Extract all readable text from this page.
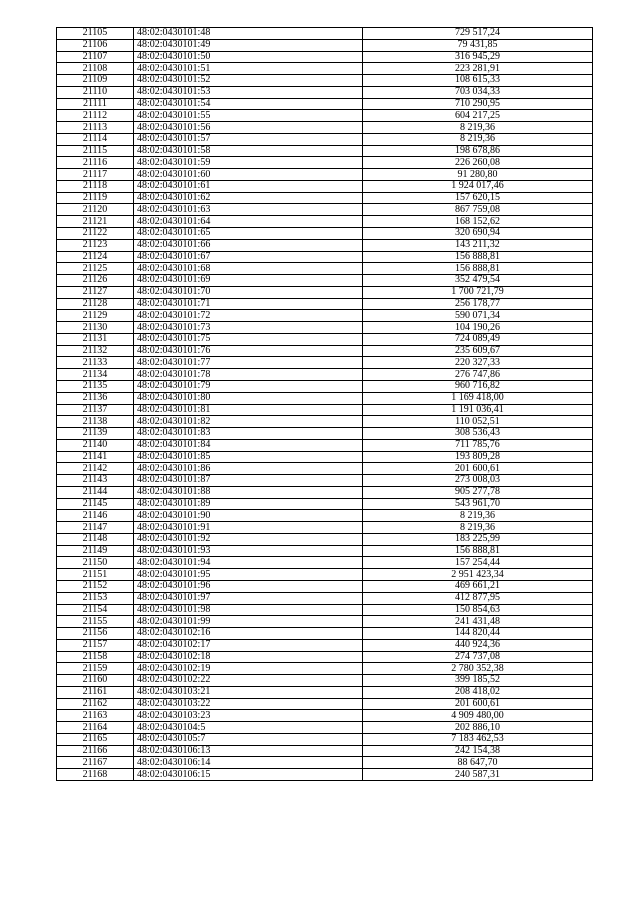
21105	48:02:0430101:48	729 517,24
21106	48:02:0430101:49	79 431,85
21107	48:02:0430101:50	316 945,29
21108	48:02:0430101:51	223 281,91
21109	48:02:0430101:52	108 615,33
21110	48:02:0430101:53	703 034,33
21111	48:02:0430101:54	710 290,95
21112	48:02:0430101:55	604 217,25
21113	48:02:0430101:56	8 219,36
21114	48:02:0430101:57	8 219,36
21115	48:02:0430101:58	198 678,86
21116	48:02:0430101:59	226 260,08
21117	48:02:0430101:60	91 280,80
21118	48:02:0430101:61	1 924 017,46
21119	48:02:0430101:62	157 620,15
21120	48:02:0430101:63	867 759,08
21121	48:02:0430101:64	168 152,62
21122	48:02:0430101:65	320 690,94
21123	48:02:0430101:66	143 211,32
21124	48:02:0430101:67	156 888,81
21125	48:02:0430101:68	156 888,81
21126	48:02:0430101:69	352 479,54
21127	48:02:0430101:70	1 700 721,79
21128	48:02:0430101:71	256 178,77
21129	48:02:0430101:72	590 071,34
21130	48:02:0430101:73	104 190,26
21131	48:02:0430101:75	724 089,49
21132	48:02:0430101:76	235 609,67
21133	48:02:0430101:77	220 327,33
21134	48:02:0430101:78	276 747,86
21135	48:02:0430101:79	960 716,82
21136	48:02:0430101:80	1 169 418,00
21137	48:02:0430101:81	1 191 036,41
21138	48:02:0430101:82	110 052,51
21139	48:02:0430101:83	308 536,43
21140	48:02:0430101:84	711 785,76
21141	48:02:0430101:85	193 809,28
21142	48:02:0430101:86	201 600,61
21143	48:02:0430101:87	273 008,03
21144	48:02:0430101:88	905 277,78
21145	48:02:0430101:89	543 961,70
21146	48:02:0430101:90	8 219,36
21147	48:02:0430101:91	8 219,36
21148	48:02:0430101:92	183 225,99
21149	48:02:0430101:93	156 888,81
21150	48:02:0430101:94	157 254,44
21151	48:02:0430101:95	2 951 423,34
21152	48:02:0430101:96	469 661,21
21153	48:02:0430101:97	412 877,95
21154	48:02:0430101:98	150 854,63
21155	48:02:0430101:99	241 431,48
21156	48:02:0430102:16	144 820,44
21157	48:02:0430102:17	440 924,36
21158	48:02:0430102:18	274 737,08
21159	48:02:0430102:19	2 780 352,38
21160	48:02:0430102:22	399 185,52
21161	48:02:0430103:21	208 418,02
21162	48:02:0430103:22	201 600,61
21163	48:02:0430103:23	4 909 480,00
21164	48:02:0430104:5	202 886,10
21165	48:02:0430105:7	7 183 462,53
21166	48:02:0430106:13	242 154,38
21167	48:02:0430106:14	88 647,70
21168	48:02:0430106:15	240 587,31
